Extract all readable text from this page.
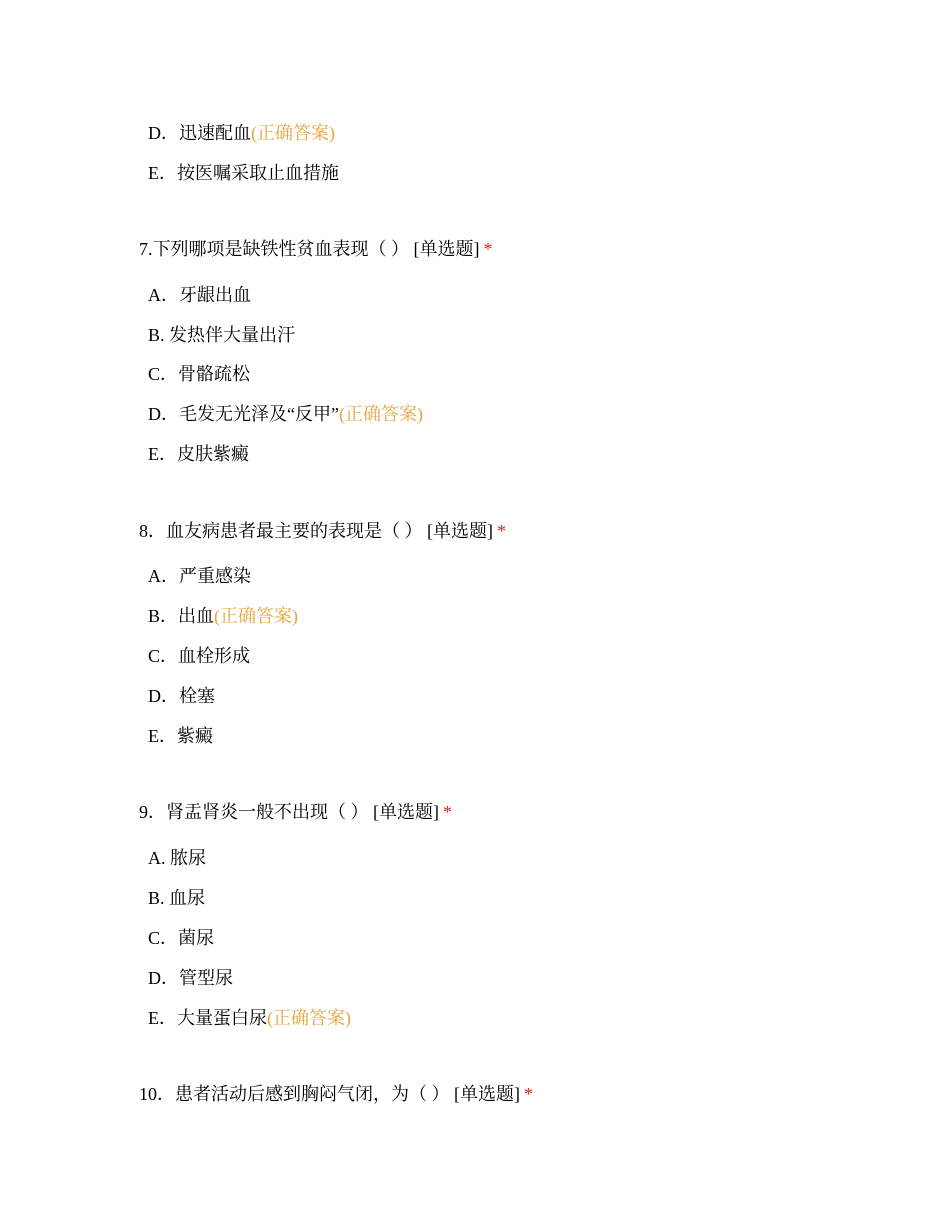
D．迅速配血(正确答案)
E．按医嘱采取止血措施
7.下列哪项是缺铁性贫血表现（ ） [单选题] *
A．牙龈出血
B. 发热伴大量出汗
C．骨骼疏松
D．毛发无光泽及“反甲”(正确答案)
E．皮肤紫癜
8．血友病患者最主要的表现是（ ） [单选题] *
A．严重感染
B．出血(正确答案)
C．血栓形成
D．栓塞
E．紫癜
9．肾盂肾炎一般不出现（ ） [单选题] *
A. 脓尿
B. 血尿
C．菌尿
D．管型尿
E．大量蛋白尿(正确答案)
10．患者活动后感到胸闷气闭，为（ ） [单选题] *
